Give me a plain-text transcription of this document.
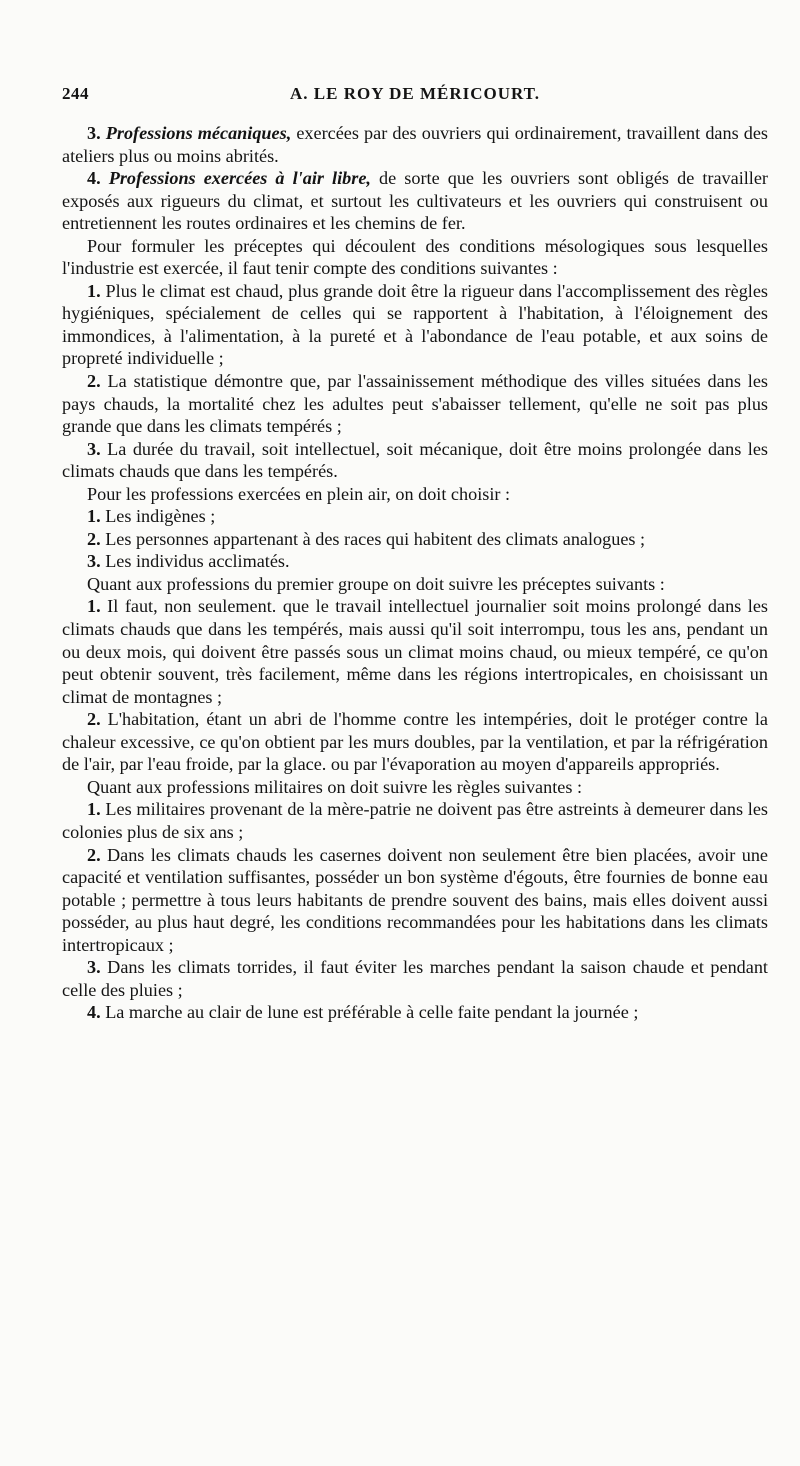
244	A. LE ROY DE MÉRICOURT.

3. Professions mécaniques, exercées par des ouvriers qui ordinairement, travaillent dans des ateliers plus ou moins abrités.

4. Professions exercées à l'air libre, de sorte que les ouvriers sont obligés de travailler exposés aux rigueurs du climat, et surtout les cultivateurs et les ouvriers qui construisent ou entretiennent les routes ordinaires et les chemins de fer.

Pour formuler les préceptes qui découlent des conditions mésologiques sous lesquelles l'industrie est exercée, il faut tenir compte des conditions suivantes :

1. Plus le climat est chaud, plus grande doit être la rigueur dans l'accomplissement des règles hygiéniques, spécialement de celles qui se rapportent à l'habitation, à l'éloignement des immondices, à l'alimentation, à la pureté et à l'abondance de l'eau potable, et aux soins de propreté individuelle ;

2. La statistique démontre que, par l'assainissement méthodique des villes situées dans les pays chauds, la mortalité chez les adultes peut s'abaisser tellement, qu'elle ne soit pas plus grande que dans les climats tempérés ;

3. La durée du travail, soit intellectuel, soit mécanique, doit être moins prolongée dans les climats chauds que dans les tempérés.

Pour les professions exercées en plein air, on doit choisir :

1. Les indigènes ;

2. Les personnes appartenant à des races qui habitent des climats analogues ;

3. Les individus acclimatés.

Quant aux professions du premier groupe on doit suivre les préceptes suivants :

1. Il faut, non seulement. que le travail intellectuel journalier soit moins prolongé dans les climats chauds que dans les tempérés, mais aussi qu'il soit interrompu, tous les ans, pendant un ou deux mois, qui doivent être passés sous un climat moins chaud, ou mieux tempéré, ce qu'on peut obtenir souvent, très facilement, même dans les régions intertropicales, en choisissant un climat de montagnes ;

2. L'habitation, étant un abri de l'homme contre les intempéries, doit le protéger contre la chaleur excessive, ce qu'on obtient par les murs doubles, par la ventilation, et par la réfrigération de l'air, par l'eau froide, par la glace. ou par l'évaporation au moyen d'appareils appropriés.

Quant aux professions militaires on doit suivre les règles suivantes :

1. Les militaires provenant de la mère-patrie ne doivent pas être astreints à demeurer dans les colonies plus de six ans ;

2. Dans les climats chauds les casernes doivent non seulement être bien placées, avoir une capacité et ventilation suffisantes, posséder un bon système d'égouts, être fournies de bonne eau potable ; permettre à tous leurs habitants de prendre souvent des bains, mais elles doivent aussi posséder, au plus haut degré, les conditions recommandées pour les habitations dans les climats intertropicaux ;

3. Dans les climats torrides, il faut éviter les marches pendant la saison chaude et pendant celle des pluies ;

4. La marche au clair de lune est préférable à celle faite pendant la journée ;
